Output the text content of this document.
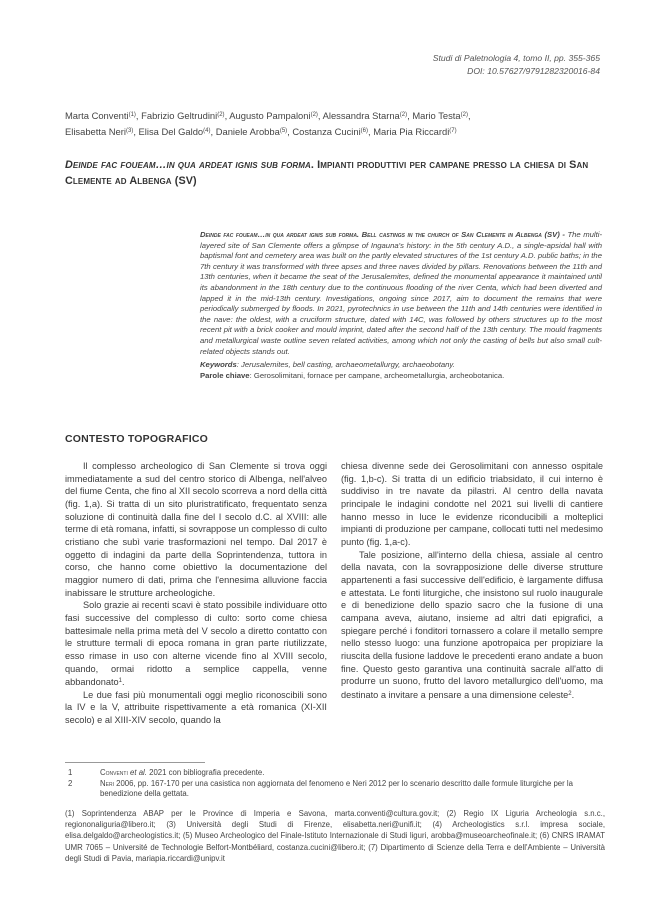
Studi di Paletnologia 4, tomo II, pp. 355-365
DOI: 10.57627/9791282320016-84
Marta Conventi$^{(1)}$, Fabrizio Geltrudini$^{(2)}$, Augusto Pampaloni$^{(2)}$, Alessandra Starna$^{(2)}$, Mario Testa$^{(2)}$,
Elisabetta Neri$^{(3)}$, Elisa Del Galdo$^{(4)}$, Daniele Arobba$^{(5)}$, Costanza Cucini$^{(6)}$, Maria Pia Riccardi$^{(7)}$
Deinde fac foueam…in qua ardeat ignis sub forma. Impianti produttivi per campane presso la chiesa di San Clemente ad Albenga (SV)
Deinde fac foueam…in qua ardeat ignis sub forma. Bell castings in the church of San Clemente in Albenga (SV) - The multi-layered site of San Clemente offers a glimpse of Ingauna's history: in the 5th century A.D., a single-apsidal hall with baptismal font and cemetery area was built on the partly elevated structures of the 1st century A.D. public baths; in the 7th century it was transformed with three apses and three naves divided by pillars. Renovations between the 11th and 13th centuries, when it became the seat of the Jerusalemites, defined the monumental appearance it maintained until its abandonment in the 18th century due to the continuous flooding of the river Centa, which had been diverted and lapped it in the mid-13th century. Investigations, ongoing since 2017, aim to document the remains that were periodically submerged by floods. In 2021, pyrotechnics in use between the 11th and 14th centuries were identified in the nave: the oldest, with a cruciform structure, dated with 14C, was followed by others structures up to the most recent pit with a brick cooker and mould imprint, dated after the second half of the 13th century. The mould fragments and metallurgical waste outline seven related activities, among which not only the casting of bells but also small cult-related objects stands out.
Keywords: Jerusalemites, bell casting, archaeometallurgy, archaeobotany.
Parole chiave: Gerosolimitani, fornace per campane, archeometallurgia, archeobotanica.
CONTESTO TOPOGRAFICO

Il complesso archeologico di San Clemente si trova oggi immediatamente a sud del centro storico di Albenga, nell'alveo del fiume Centa, che fino al XII secolo scorreva a nord della città (fig. 1,a). Si tratta di un sito pluristratificato, frequentato senza soluzione di continuità dalla fine del I secolo d.C. al XVIII: alle terme di età romana, infatti, si sovrappose un complesso di culto cristiano che subì varie trasformazioni nel tempo. Dal 2017 è oggetto di indagini da parte della Soprintendenza, tuttora in corso, che hanno come obiettivo la documentazione del maggior numero di dati, prima che l'ennesima alluvione faccia inabissare le strutture archeologiche.

Solo grazie ai recenti scavi è stato possibile individuare otto fasi successive del complesso di culto: sorto come chiesa battesimale nella prima metà del V secolo a diretto contatto con le strutture termali di epoca romana in gran parte riutilizzate, esso rimase in uso con alterne vicende fino al XVIII secolo, quando, ormai ridotto a semplice cappella, venne abbandonato$^1$.

Le due fasi più monumentali oggi meglio riconoscibili sono la IV e la V, attribuite rispettivamente a età romanica (XI-XII secolo) e al XIII-XIV secolo, quando la

chiesa divenne sede dei Gerosolimitani con annesso ospitale (fig. 1,b-c). Si tratta di un edificio triabsidato, il cui interno è suddiviso in tre navate da pilastri. Al centro della navata principale le indagini condotte nel 2021 sui livelli di cantiere hanno messo in luce le evidenze riconducibili a molteplici impianti di produzione per campane, collocati tutti nel medesimo punto (fig. 1,a-c).

Tale posizione, all'interno della chiesa, assiale al centro della navata, con la sovrapposizione delle diverse strutture appartenenti a fasi successive dell'edificio, è largamente diffusa e attestata. Le fonti liturgiche, che insistono sul ruolo inaugurale e di benedizione dello spazio sacro che la fusione di una campana aveva, aiutano, insieme ad altri dati epigrafici, a spiegare perché i fonditori tornassero a colare il metallo sempre nello stesso luogo: una funzione apotropaica per propiziare la riuscita della fusione laddove le precedenti erano andate a buon fine. Questo gesto garantiva una continuità sacrale all'atto di produrre un suono, frutto del lavoro metallurgico dell'uomo, ma destinato a invitare a pensare a una dimensione celeste$^2$.

1	Conventi et al. 2021 con bibliografia precedente.
2	Neri 2006, pp. 167-170 per una casistica non aggiornata del fenomeno e Neri 2012 per lo scenario descritto dalle formule liturgiche per la benedizione della gettata.
(1) Soprintendenza ABAP per le Province di Imperia e Savona, marta.conventi@cultura.gov.it; (2) Regio IX Liguria Archeologia s.n.c., regiononaliguria@libero.it; (3) Università degli Studi di Firenze, elisabetta.neri@unifi.it; (4) Archeologistics s.r.l. impresa sociale, elisa.delgaldo@archeologistics.it; (5) Museo Archeologico del Finale-Istituto Internazionale di Studi liguri, arobba@museoarcheofinale.it; (6) CNRS IRAMAT UMR 7065 – Université de Technologie Belfort-Montbéliard, costanza.cucini@libero.it; (7) Dipartimento di Scienze della Terra e dell'Ambiente – Università degli Studi di Pavia, mariapia.riccardi@unipv.it
